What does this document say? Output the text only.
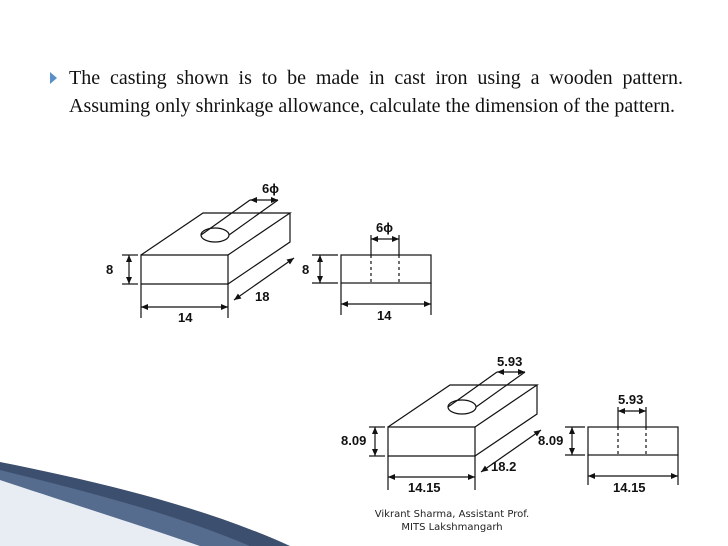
The casting shown is to be made in cast iron using a wooden pattern. Assuming only shrinkage allowance, calculate the dimension of the pattern.
6ϕ
8
14
18
6ϕ
8
14
5.93
8.09
14.15
18.2
5.93
8.09
14.15
Vikrant Sharma, Assistant Prof.
MITS Lakshmangarh
